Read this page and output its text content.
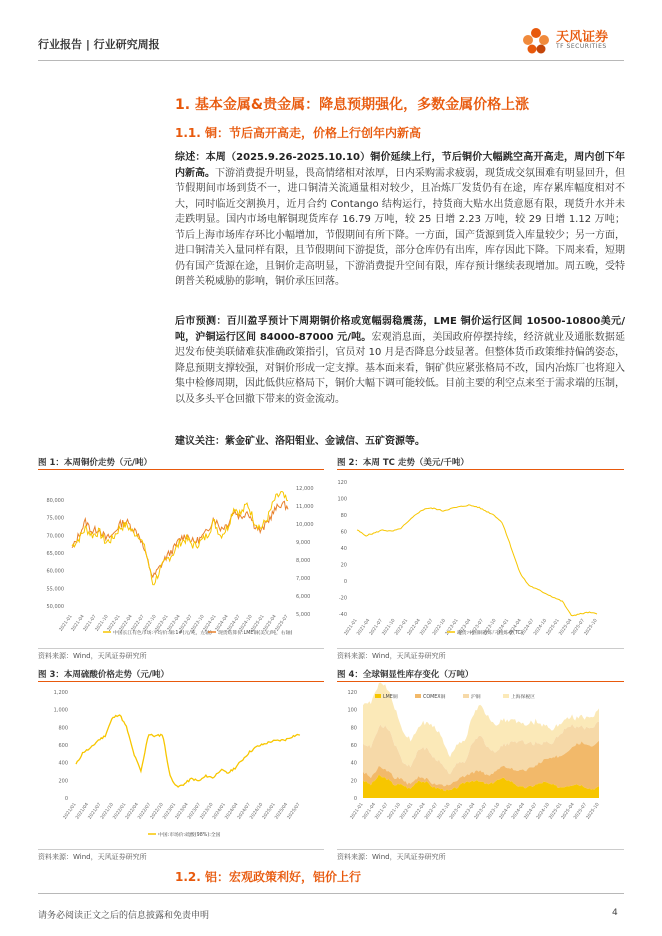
行业报告 | 行业研究周报	天风证券
TF SECURITIES
1. 基本金属&贵金属：降息预期强化，多数金属价格上涨
1.1. 铜：节后高开高走，价格上行创年内新高
综述：本周（2025.9.26-2025.10.10）铜价延续上行，节后铜价大幅跳空高开高走，周内创下年内新高。下游消费提升明显，畏高情绪相对浓厚，日内采购需求疲弱，现货成交氛围难有明显回升，但节假期间市场到货不一，进口铜清关流通量相对较少，且冶炼厂发货仍有在途，库存累库幅度相对不大，同时临近交割换月，近月合约 Contango 结构运行，持货商大贴水出货意愿有限，现货升水并未走跌明显。国内市场电解铜现货库存 16.79 万吨，较 25 日增 2.23 万吨，较 29 日增 1.12 万吨；节后上海市场库存环比小幅增加，节假期间有所下降。一方面，国产货源到货入库量较少；另一方面，进口铜清关入量同样有限，且节假期间下游提货，部分仓库仍有出库，库存因此下降。下周来看，短期仍有国产货源在途，且铜价走高明显，下游消费提升空间有限，库存预计继续表现增加。周五晚，受特朗普关税威胁的影响，铜价承压回落。
后市预测：百川盈孚预计下周期铜价格或宽幅弱稳震荡，LME 铜价运行区间 10500-10800美元/吨，沪铜运行区间 84000-87000 元/吨。宏观消息面，美国政府停摆持续，经济就业及通胀数据延迟发布使美联储难获准确政策指引，官员对 10 月是否降息分歧显著。但整体货币政策维持偏鸽姿态，降息预期支撑较强，对铜价形成一定支撑。基本面来看，铜矿供应紧张格局不改，国内冶炼厂也将迎入集中检修周期，因此低供应格局下，铜价大幅下调可能较低。目前主要的利空点来至于需求端的压制，以及多头平仓回撤下带来的资金流动。
建议关注：紫金矿业、洛阳钼业、金诚信、五矿资源等。
图 1：本周铜价走势（元/吨）
80,000
75,000
70,000
65,000
60,000
55,000
50,000
12,000
11,000
10,000
9,000
8,000
7,000
6,000
5,000
2021-01
2021-04
2021-07
2021-10
2022-01
2022-04
2022-07
2022-10
2023-01
2023-04
2023-07
2023-10
2024-01
2024-04
2024-07
2024-10
2025-01
2025-04
2025-07
中国长江有色市场:平均价:铜:1#(元/吨，左轴) 现货结算价:LME铜(美元/吨，右轴)
资料来源：Wind，天风证券研究所
图 2：本周 TC 走势（美元/千吨）
120
100
80
60
40
20
0
-20
-40
2021-01
2021-04
2021-07
2021-10
2022-01
2022-04
2022-07
2022-10
2023-01
2023-04
2023-07
2023-10
2024-01
2024-04
2024-07
2024-10
2025-01
2025-04
2025-07
2025-10
现货:中国铜冶炼厂:粗炼费(TC)
资料来源：Wind，天风证券研究所
图 3：本周硫酸价格走势（元/吨）
1,200
1,000
800
600
400
200
0
2021/01
2021/04
2021/07
2021/10
2022/01
2022/04
2022/07
2022/10
2023/01
2023/04
2023/07
2023/10
2024/01
2024/04
2024/07
2024/10
2025/01
2025/04
2025/07
中国:市场价:硫酸(98%):全国
资料来源：Wind，天风证券研究所
图 4：全球铜显性库存变化（万吨）
120
100
80
60
40
20
0
2021-01
2021-04
2021-07
2021-10
2022-01
2022-04
2022-07
2022-10
2023-01
2023-04
2023-07
2023-10
2024-01
2024-04
2024-07
2024-10
2025-01
2025-04
2025-07
2025-10
LME铜	COMEX铜	沪铜	上海保税区
资料来源：Wind，天风证券研究所
1.2. 铝：宏观政策利好，铝价上行
请务必阅读正文之后的信息披露和免责申明	4
